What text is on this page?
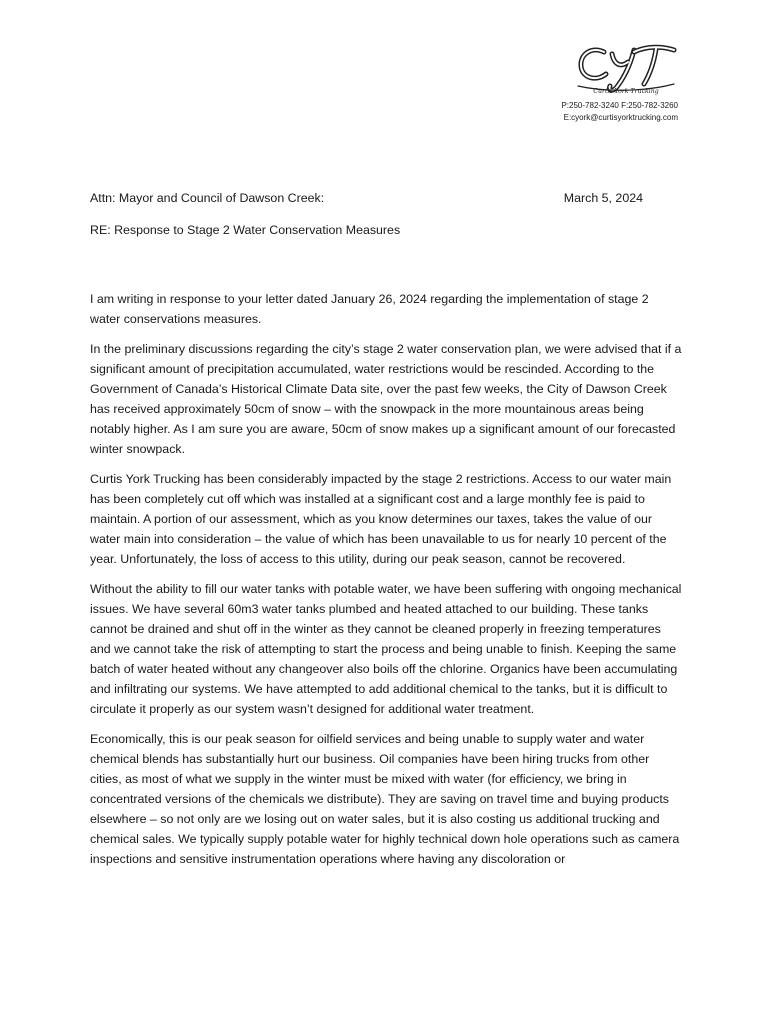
Curtis York Trucking
P:250-782-3240 F:250-782-3260
E:cyork@curtisyorktrucking.com
Attn: Mayor and Council of Dawson Creek:	March 5, 2024
RE: Response to Stage 2 Water Conservation Measures

I am writing in response to your letter dated January 26, 2024 regarding the implementation of stage 2 water conservations measures.

In the preliminary discussions regarding the city’s stage 2 water conservation plan, we were advised that if a significant amount of precipitation accumulated, water restrictions would be rescinded. According to the Government of Canada’s Historical Climate Data site, over the past few weeks, the City of Dawson Creek has received approximately 50cm of snow – with the snowpack in the more mountainous areas being notably higher. As I am sure you are aware, 50cm of snow makes up a significant amount of our forecasted winter snowpack.

Curtis York Trucking has been considerably impacted by the stage 2 restrictions. Access to our water main has been completely cut off which was installed at a significant cost and a large monthly fee is paid to maintain. A portion of our assessment, which as you know determines our taxes, takes the value of our water main into consideration – the value of which has been unavailable to us for nearly 10 percent of the year. Unfortunately, the loss of access to this utility, during our peak season, cannot be recovered.

Without the ability to fill our water tanks with potable water, we have been suffering with ongoing mechanical issues. We have several 60m3 water tanks plumbed and heated attached to our building. These tanks cannot be drained and shut off in the winter as they cannot be cleaned properly in freezing temperatures and we cannot take the risk of attempting to start the process and being unable to finish. Keeping the same batch of water heated without any changeover also boils off the chlorine. Organics have been accumulating and infiltrating our systems. We have attempted to add additional chemical to the tanks, but it is difficult to circulate it properly as our system wasn’t designed for additional water treatment.

Economically, this is our peak season for oilfield services and being unable to supply water and water chemical blends has substantially hurt our business. Oil companies have been hiring trucks from other cities, as most of what we supply in the winter must be mixed with water (for efficiency, we bring in concentrated versions of the chemicals we distribute). They are saving on travel time and buying products elsewhere – so not only are we losing out on water sales, but it is also costing us additional trucking and chemical sales. We typically supply potable water for highly technical down hole operations such as camera inspections and sensitive instrumentation operations where having any discoloration or
